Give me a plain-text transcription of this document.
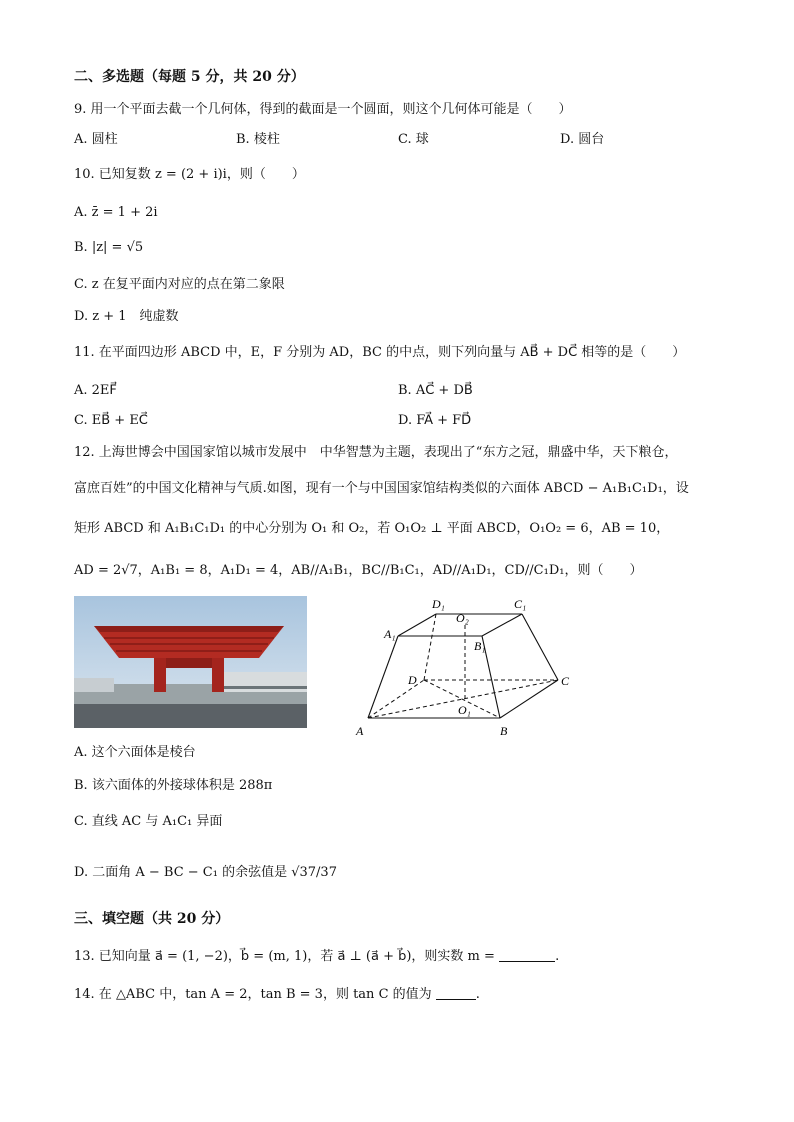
二、多选题（每题 5 分，共 20 分）
9. 用一个平面去截一个几何体，得到的截面是一个圆面，则这个几何体可能是（　　）
A. 圆柱	B. 棱柱	C. 球	D. 圆台
10. 已知复数 z = (2 + i)i，则（　　）
A. z̄ = 1 + 2i
B. |z| = √5
C. z 在复平面内对应的点在第二象限
D. z + 1　纯虚数
11. 在平面四边形 ABCD 中，E，F 分别为 AD，BC 的中点，则下列向量与 AB⃗ + DC⃗ 相等的是（　　）
A. 2EF⃗	B. AC⃗ + DB⃗
C. EB⃗ + EC⃗	D. FA⃗ + FD⃗
12. 上海世博会中国国家馆以城市发展中　中华智慧为主题，表现出了“东方之冠，鼎盛中华，天下粮仓，
富庶百姓”的中国文化精神与气质.如图，现有一个与中国国家馆结构类似的六面体 ABCD − A₁B₁C₁D₁，设
矩形 ABCD 和 A₁B₁C₁D₁ 的中心分别为 O₁ 和 O₂，若 O₁O₂ ⊥ 平面 ABCD，O₁O₂ = 6，AB = 10，
AD = 2√7，A₁B₁ = 8，A₁D₁ = 4，AB//A₁B₁，BC//B₁C₁，AD//A₁D₁，CD//C₁D₁，则（　　）
D₁
O₂
C₁
A₁
B₁
D	C
O₁
A	B
A. 这个六面体是棱台
B. 该六面体的外接球体积是 288π
C. 直线 AC 与 A₁C₁ 异面
D. 二面角 A − BC − C₁ 的余弦值是 √37/37
三、填空题（共 20 分）
13. 已知向量 a⃗ = (1, −2)，b⃗ = (m, 1)，若 a⃗ ⊥ (a⃗ + b⃗)，则实数 m =	.
14. 在 △ABC 中，tan A = 2，tan B = 3，则 tan C 的值为	.
